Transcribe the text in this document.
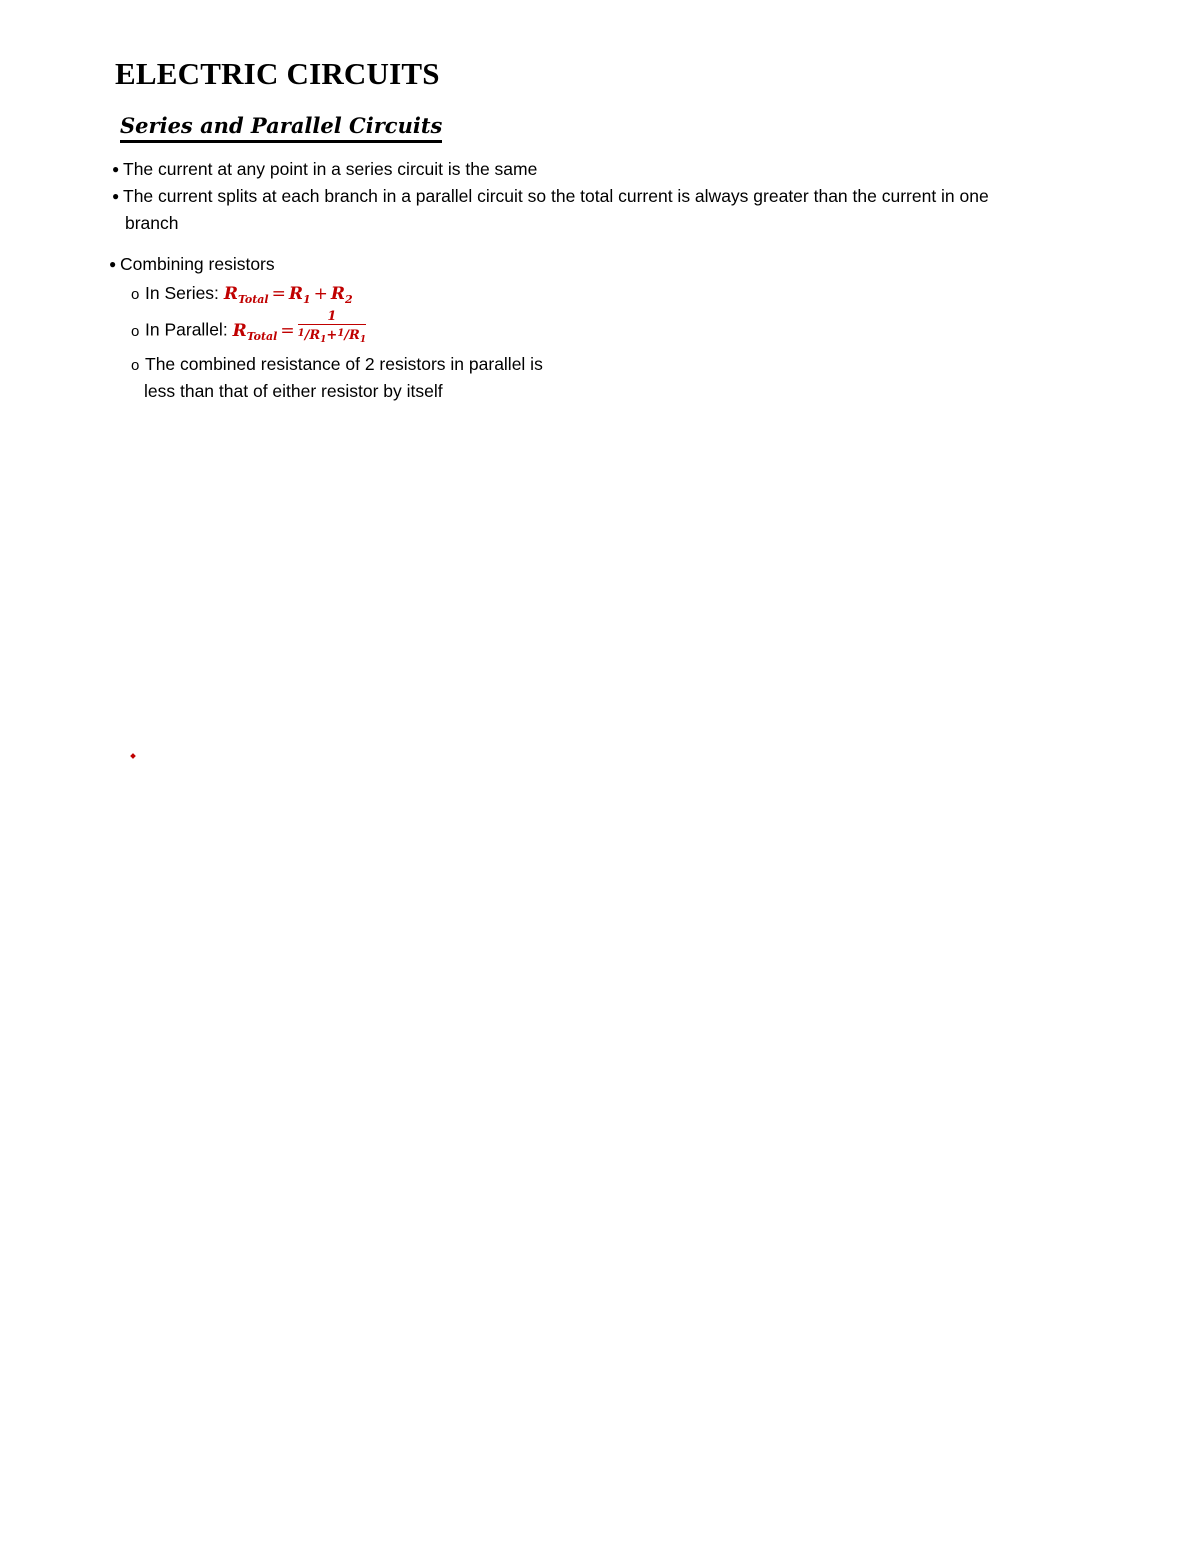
ELECTRIC CIRCUITS
Series and Parallel Circuits
● The current at any point in a series circuit is the same
● The current splits at each branch in a parallel circuit so the total current is always greater than the current in one
branch
● Combining resistors
o In Series: $R_{Total} = R_1 + R_2$
o In Parallel: $R_{Total} = \frac{1}{^1/R_1+^1/R_1}$
o The combined resistance of 2 resistors in parallel is
less than that of either resistor by itself
